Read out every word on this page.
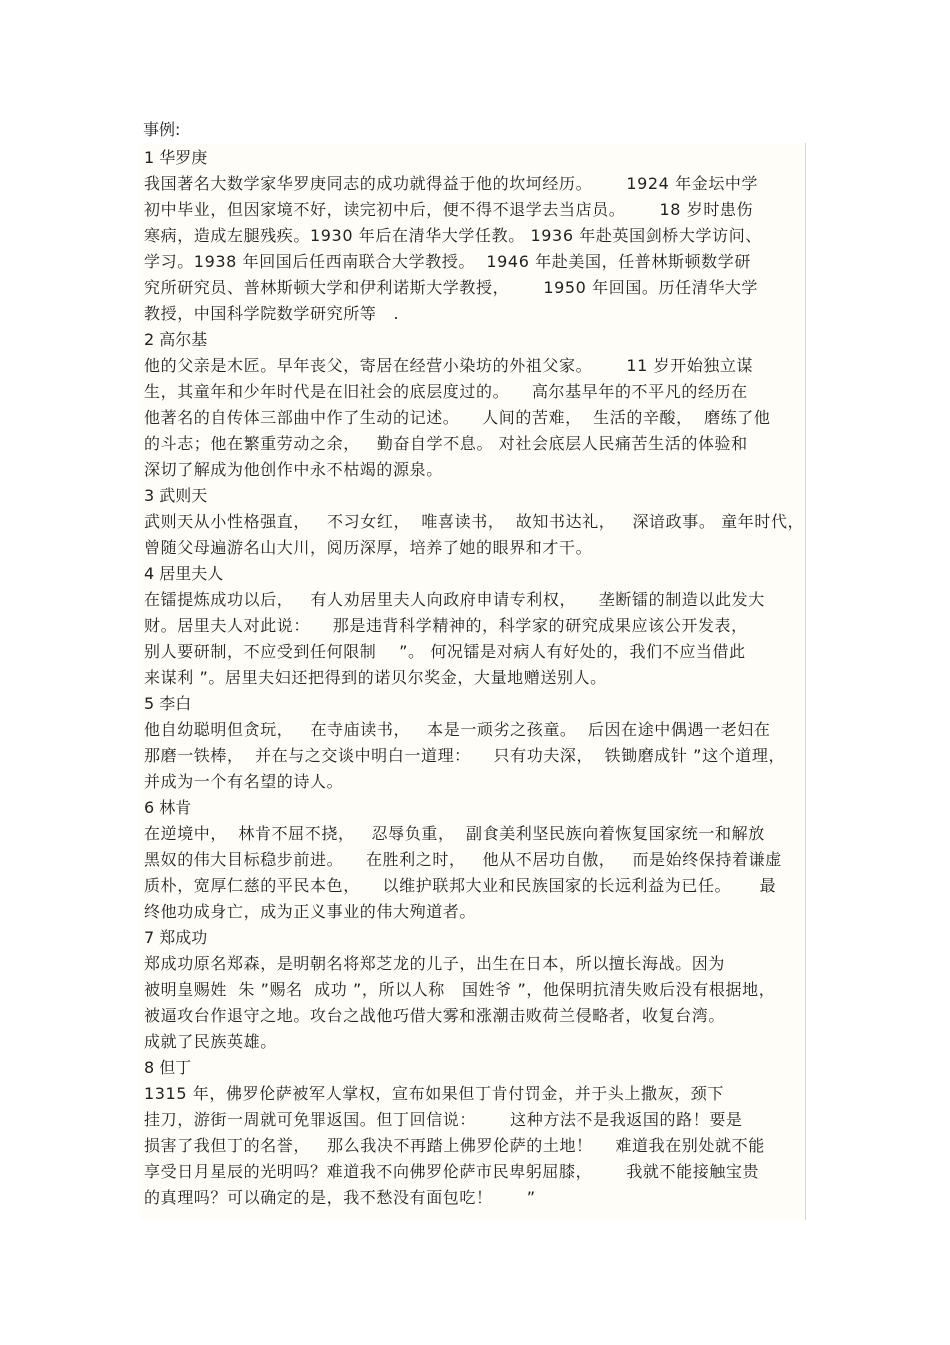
事例:
1 华罗庚

我国著名大数学家华罗庚同志的成功就得益于他的坎坷经历。      1924 年金坛中学

初中毕业，但因家境不好，读完初中后，便不得不退学去当店员。      18 岁时患伤

寒病，造成左腿残疾。1930 年后在清华大学任教。 1936 年赴英国剑桥大学访问、

学习。1938 年回国后任西南联合大学教授。  1946 年赴美国，任普林斯顿数学研

究所研究员、普林斯顿大学和伊利诺斯大学教授，      1950 年回国。历任清华大学

教授，中国科学院数学研究所等   .

2 高尔基

他的父亲是木匠。早年丧父，寄居在经营小染坊的外祖父家。      11 岁开始独立谋

生，其童年和少年时代是在旧社会的底层度过的。    高尔基早年的不平凡的经历在

他著名的自传体三部曲中作了生动的记述。    人间的苦难，  生活的辛酸，  磨练了他

的斗志；他在繁重劳动之余，   勤奋自学不息。 对社会底层人民痛苦生活的体验和

深切了解成为他创作中永不枯竭的源泉。

3 武则天

武则天从小性格强直，   不习女红，  唯喜读书，  故知书达礼，   深谙政事。 童年时代，

曾随父母遍游名山大川，阅历深厚，培养了她的眼界和才干。

4 居里夫人

在镭提炼成功以后，   有人劝居里夫人向政府申请专利权，    垄断镭的制造以此发大

财。居里夫人对此说：    那是违背科学精神的，科学家的研究成果应该公开发表，

别人要研制，不应受到任何限制    ”。 何况镭是对病人有好处的，我们不应当借此

来谋利 ”。居里夫妇还把得到的诺贝尔奖金，大量地赠送别人。

5 李白

他自幼聪明但贪玩，   在寺庙读书，   本是一顽劣之孩童。  后因在途中偶遇一老妇在

那磨一铁棒，  并在与之交谈中明白一道理：    只有功夫深，  铁锄磨成针 ”这个道理，

并成为一个有名望的诗人。

6 林肯

在逆境中，  林肯不屈不挠，   忍辱负重，  副食美利坚民族向着恢复国家统一和解放

黑奴的伟大目标稳步前进。    在胜利之时，   他从不居功自傲，   而是始终保持着谦虚

质朴，宽厚仁慈的平民本色，    以维护联邦大业和民族国家的长远利益为已任。     最

终他功成身亡，成为正义事业的伟大殉道者。

7 郑成功

郑成功原名郑森，是明朝名将郑芝龙的儿子，出生在日本，所以擅长海战。因为

被明皇赐姓  朱 ”赐名  成功 ”，所以人称   国姓爷 ”，他保明抗清失败后没有根据地，

被逼攻台作退守之地。攻台之战他巧借大雾和涨潮击败荷兰侵略者，收复台湾。

成就了民族英雄。

8 但丁

1315 年，佛罗伦萨被军人掌权，宣布如果但丁肯付罚金，并于头上撒灰，颈下

挂刀，游街一周就可免罪返国。但丁回信说：      这种方法不是我返国的路！要是

损害了我但丁的名誉，   那么我决不再踏上佛罗伦萨的土地！    难道我在别处就不能

享受日月星辰的光明吗？难道我不向佛罗伦萨市民卑躬屈膝，      我就不能接触宝贵

的真理吗？可以确定的是，我不愁没有面包吃！      ”
